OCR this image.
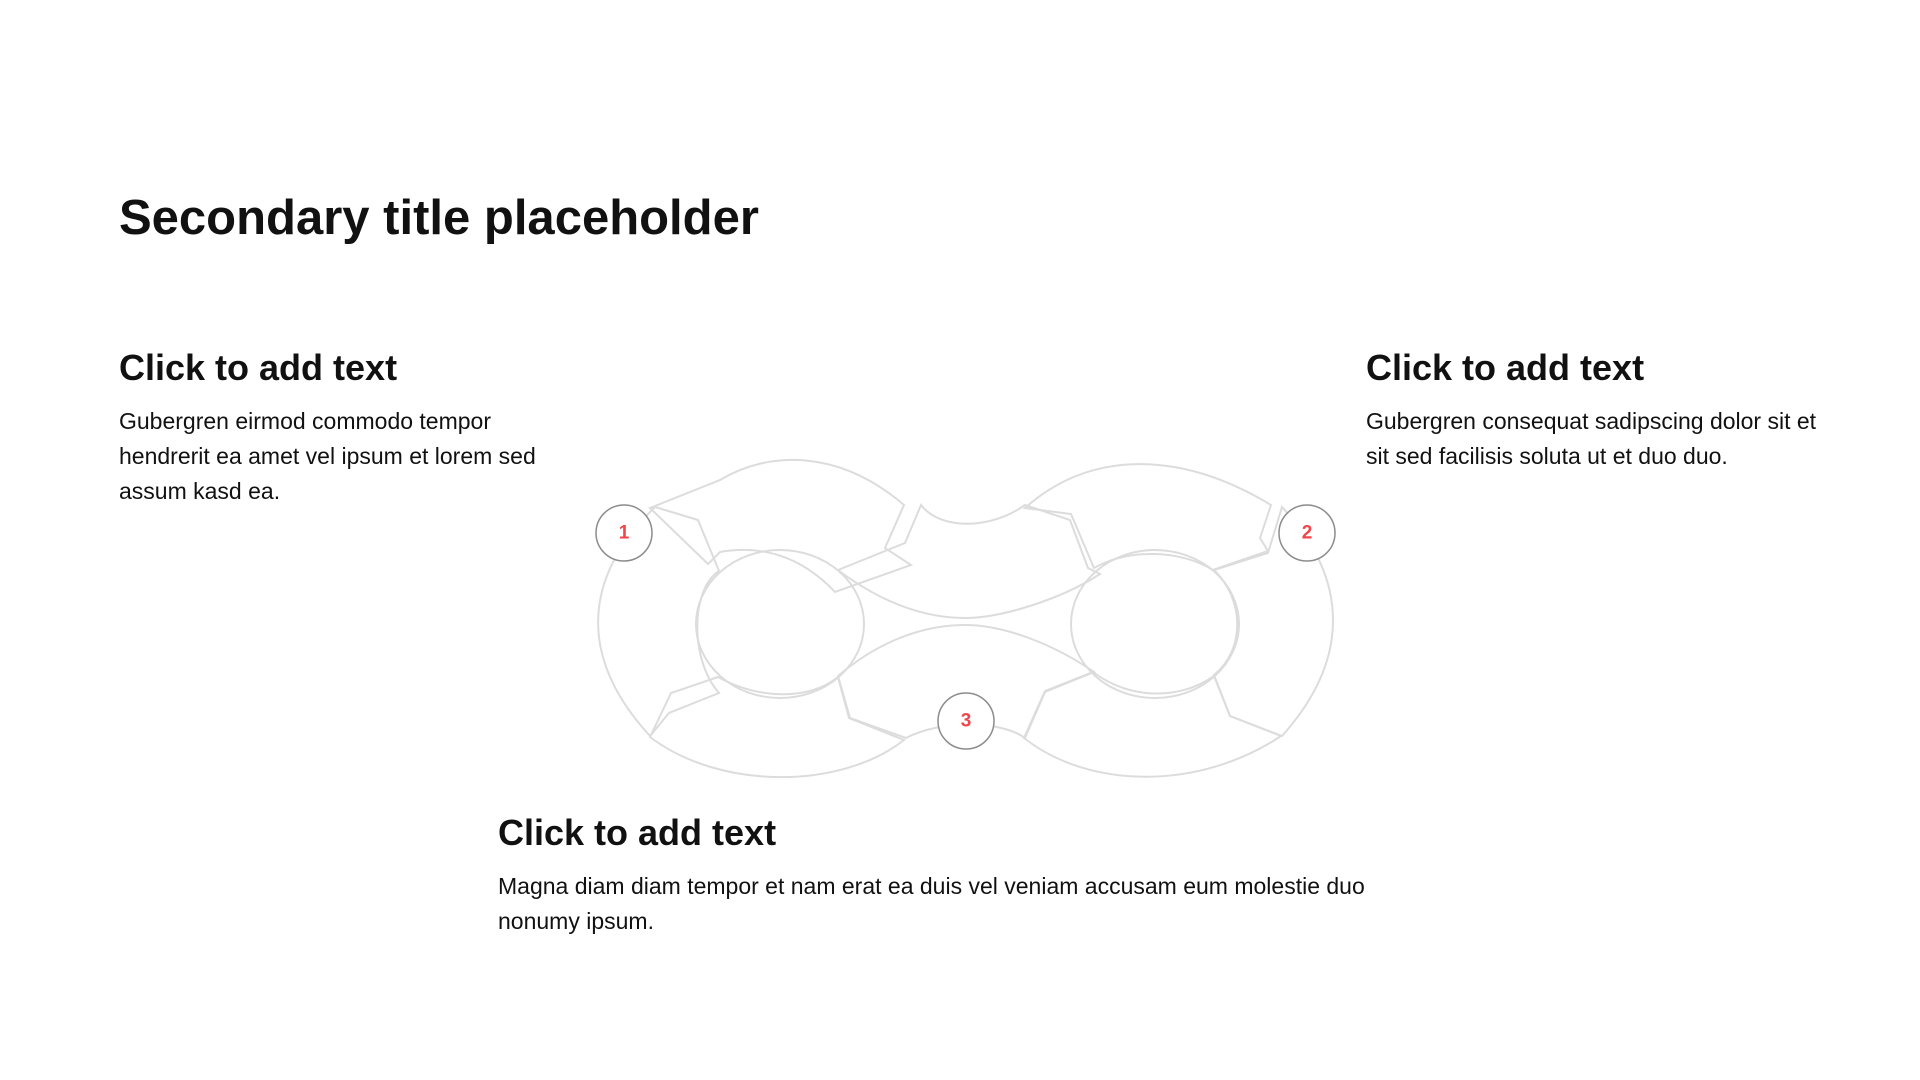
Secondary title placeholder
Click to add text

Gubergren eirmod commodo tempor hendrerit ea amet vel ipsum et lorem sed assum kasd ea.

Click to add text

Gubergren consequat sadipscing dolor sit et sit sed facilisis soluta ut et duo duo.

Click to add text

Magna diam diam tempor et nam erat ea duis vel veniam accusam eum molestie duo nonumy ipsum.

1	2
3
